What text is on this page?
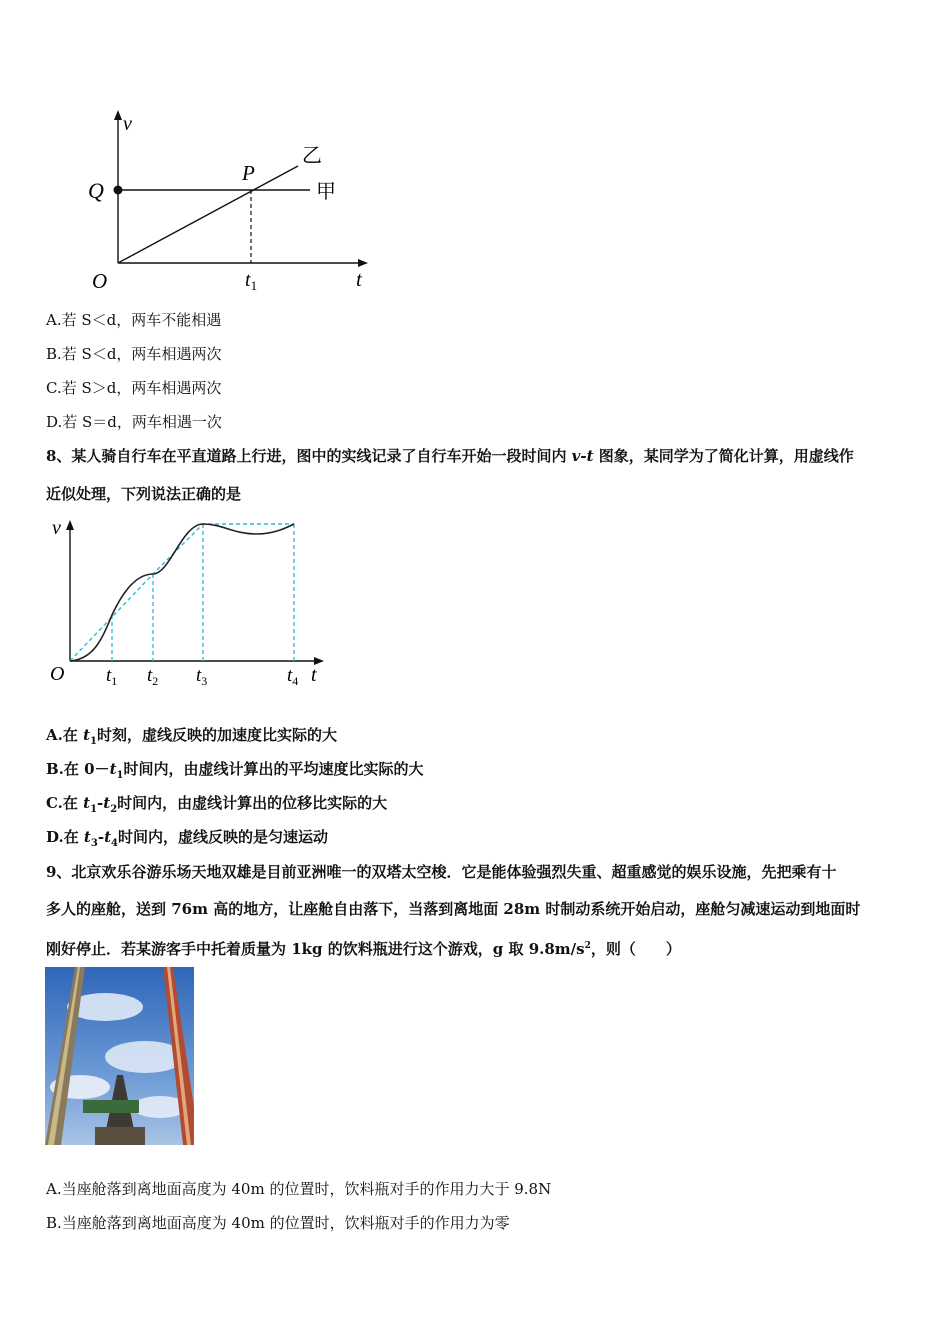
v
Q
P
乙
甲
O	$t_1$	t
A.若 S＜d，两车不能相遇
B.若 S＜d，两车相遇两次
C.若 S＞d，两车相遇两次
D.若 S＝d，两车相遇一次
8、某人骑自行车在平直道路上行进，图中的实线记录了自行车开始一段时间内 v-t 图象，某同学为了简化计算，用虚线作
近似处理，下列说法正确的是
v
O $t_1$ $t_2$ $t_3$	$t_4$ t
A.在 $t_1$时刻，虚线反映的加速度比实际的大
B.在 $0-t_1$时间内，由虚线计算出的平均速度比实际的大
C.在 $t_1-t_2$时间内，由虚线计算出的位移比实际的大
D.在 $t_3-t_4$时间内，虚线反映的是匀速运动
9、北京欢乐谷游乐场天地双雄是目前亚洲唯一的双塔太空梭．它是能体验强烈失重、超重感觉的娱乐设施，先把乘有十
多人的座舱，送到 76m 高的地方，让座舱自由落下，当落到离地面 28m 时制动系统开始启动，座舱匀减速运动到地面时
刚好停止．若某游客手中托着质量为 1kg 的饮料瓶进行这个游戏，g 取 $9.8m/s^2$，则（　　）
A.当座舱落到离地面高度为 40m 的位置时，饮料瓶对手的作用力大于 9.8N
B.当座舱落到离地面高度为 40m 的位置时，饮料瓶对手的作用力为零
